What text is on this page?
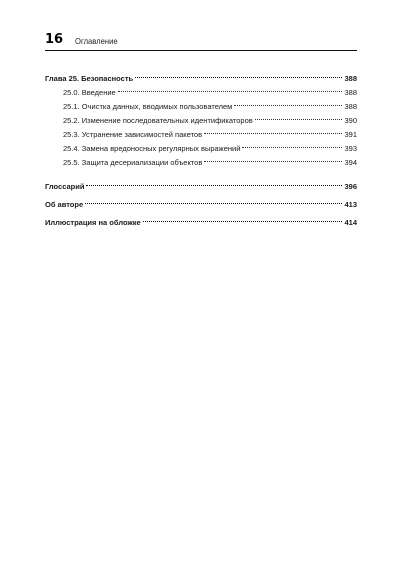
16 Оглавление
Глава 25. Безопасность	388
25.0. Введение	388
25.1. Очистка данных, вводимых пользователем	388
25.2. Изменение последовательных идентификаторов	390
25.3. Устранение зависимостей пакетов	391
25.4. Замена вредоносных регулярных выражений	393
25.5. Защита десериализации объектов	394
Глоссарий	396
Об авторе	413
Иллюстрация на обложке	414
